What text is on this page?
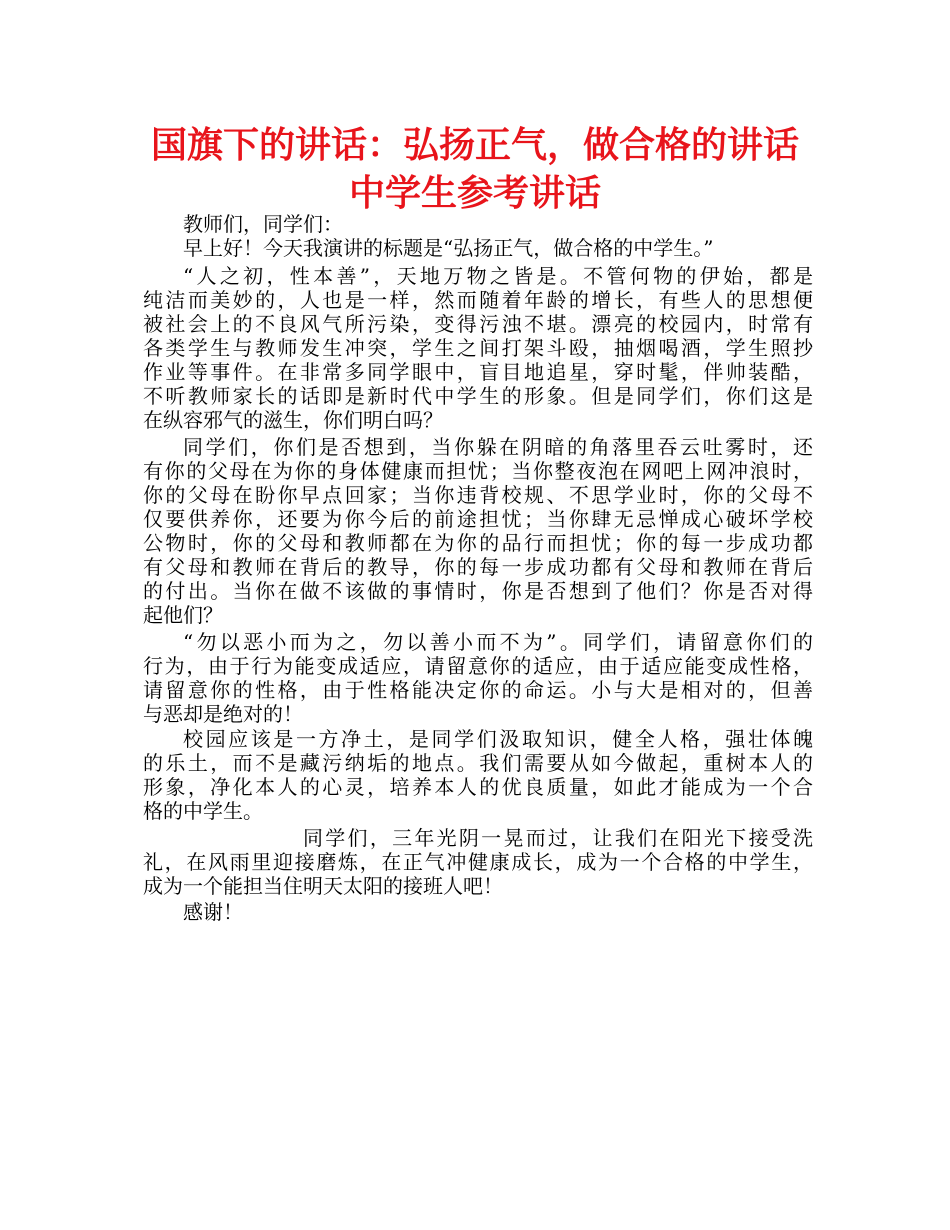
国旗下的讲话：弘扬正气，做合格的讲话
中学生参考讲话
教师们，同学们：
早上好！今天我演讲的标题是“弘扬正气，做合格的中学生。”
“人之初，性本善”，天地万物之皆是。不管何物的伊始，都是
纯洁而美妙的，人也是一样，然而随着年龄的增长，有些人的思想便
被社会上的不良风气所污染，变得污浊不堪。漂亮的校园内，时常有
各类学生与教师发生冲突，学生之间打架斗殴，抽烟喝酒，学生照抄
作业等事件。在非常多同学眼中，盲目地追星，穿时髦，伴帅装酷，
不听教师家长的话即是新时代中学生的形象。但是同学们，你们这是
在纵容邪气的滋生，你们明白吗？
同学们，你们是否想到，当你躲在阴暗的角落里吞云吐雾时，还
有你的父母在为你的身体健康而担忧；当你整夜泡在网吧上网冲浪时，
你的父母在盼你早点回家；当你违背校规、不思学业时，你的父母不
仅要供养你，还要为你今后的前途担忧；当你肆无忌惮成心破坏学校
公物时，你的父母和教师都在为你的品行而担忧；你的每一步成功都
有父母和教师在背后的教导，你的每一步成功都有父母和教师在背后
的付出。当你在做不该做的事情时，你是否想到了他们？你是否对得
起他们？
“勿以恶小而为之，勿以善小而不为”。同学们，请留意你们的
行为，由于行为能变成适应，请留意你的适应，由于适应能变成性格，
请留意你的性格，由于性格能决定你的命运。小与大是相对的，但善
与恶却是绝对的！
校园应该是一方净土，是同学们汲取知识，健全人格，强壮体魄
的乐土，而不是藏污纳垢的地点。我们需要从如今做起，重树本人的
形象，净化本人的心灵，培养本人的优良质量，如此才能成为一个合
格的中学生。
同学们，三年光阴一晃而过，让我们在阳光下接受洗
礼，在风雨里迎接磨炼，在正气冲健康成长，成为一个合格的中学生，
成为一个能担当住明天太阳的接班人吧！
感谢！
